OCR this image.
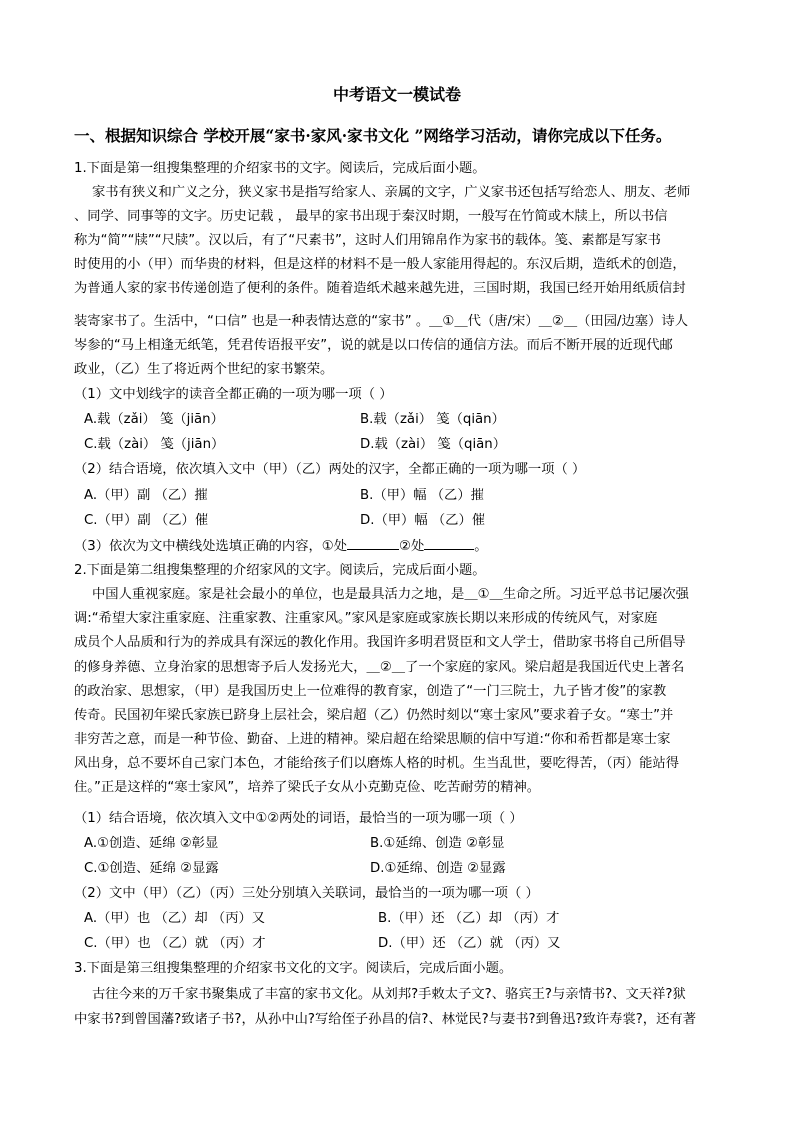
中考语文一模试卷
一、根据知识综合 学校开展“家书·家风·家书文化 ”网络学习活动，请你完成以下任务。
1.下面是第一组搜集整理的介绍家书的文字。阅读后，完成后面小题。
家书有狭义和广义之分，狭义家书是指写给家人、亲属的文字，广义家书还包括写给恋人、朋友、老师
、同学、同事等的文字。历史记载 ， 最早的家书出现于秦汉时期，一般写在竹简或木牍上，所以书信
称为“简”“牍”“尺牍”。汉以后，有了“尺素书”，这时人们用锦帛作为家书的载体。笺、素都是写家书
时使用的小（甲）而华贵的材料，但是这样的材料不是一般人家能用得起的。东汉后期，造纸术的创造，
为普通人家的家书传递创造了便利的条件。随着造纸术越来越先进，三国时期，我国已经开始用纸质信封
装寄家书了。生活中，“口信” 也是一种表情达意的“家书” 。＿①＿代（唐/宋）＿②＿（田园/边塞）诗人
岑参的“马上相逢无纸笔，凭君传语报平安”，说的就是以口传信的通信方法。而后不断开展的近现代邮
政业，（乙）生了将近两个世纪的家书繁荣。
（1）文中划线字的读音全都正确的一项为哪一项（ ）
A.载（zǎi） 笺（jiān）	B.载（zǎi） 笺（qiān）
C.载（zài） 笺（jiān）	D.载（zài） 笺（qiān）
（2）结合语境，依次填入文中（甲）（乙）两处的汉字，全都正确的一项为哪一项（ ）
A.（甲）副 （乙）摧	B.（甲）幅 （乙）摧
C.（甲）副 （乙）催	D.（甲）幅 （乙）催
（3）依次为文中横线处选填正确的内容，①处	②处	。
2.下面是第二组搜集整理的介绍家风的文字。阅读后，完成后面小题。
中国人重视家庭。家是社会最小的单位，也是最具活力之地，是＿①＿生命之所。习近平总书记屡次强
调:“希望大家注重家庭、注重家教、注重家风。”家风是家庭或家族长期以来形成的传统风气，对家庭
成员个人品质和行为的养成具有深远的教化作用。我国许多明君贤臣和文人学士，借助家书将自己所倡导
的修身养德、立身治家的思想寄予后人发扬光大，＿②＿了一个家庭的家风。梁启超是我国近代史上著名
的政治家、思想家，（甲）是我国历史上一位难得的教育家，创造了“一门三院士，九子皆才俊”的家教
传奇。民国初年梁氏家族已跻身上层社会，梁启超（乙）仍然时刻以“寒士家风”要求着子女。“寒士”并
非穷苦之意，而是一种节俭、勤奋、上进的精神。梁启超在给梁思顺的信中写道:“你和希哲都是寒士家
风出身，总不要坏自己家门本色，才能给孩子们以磨炼人格的时机。生当乱世，要吃得苦，（丙）能站得
住。”正是这样的“寒士家风”，培养了梁氏子女从小克勤克俭、吃苦耐劳的精神。
（1）结合语境，依次填入文中①②两处的词语，最恰当的一项为哪一项（ ）
A.①创造、延绵 ②彰显	B.①延绵、创造 ②彰显
C.①创造、延绵 ②显露	D.①延绵、创造 ②显露
（2）文中（甲）（乙）（丙）三处分别填入关联词，最恰当的一项为哪一项（ ）
A.（甲）也 （乙）却 （丙）又	B.（甲）还 （乙）却 （丙）才
C.（甲）也 （乙）就 （丙）才	D.（甲）还 （乙）就 （丙）又
3.下面是第三组搜集整理的介绍家书文化的文字。阅读后，完成后面小题。
古往今来的万千家书聚集成了丰富的家书文化。从刘邦?手敕太子文?、骆宾王?与亲情书?、文天祥?狱
中家书?到曾国藩?致诸子书?，从孙中山?写给侄子孙昌的信?、林觉民?与妻书?到鲁迅?致许寿裳?，还有著
